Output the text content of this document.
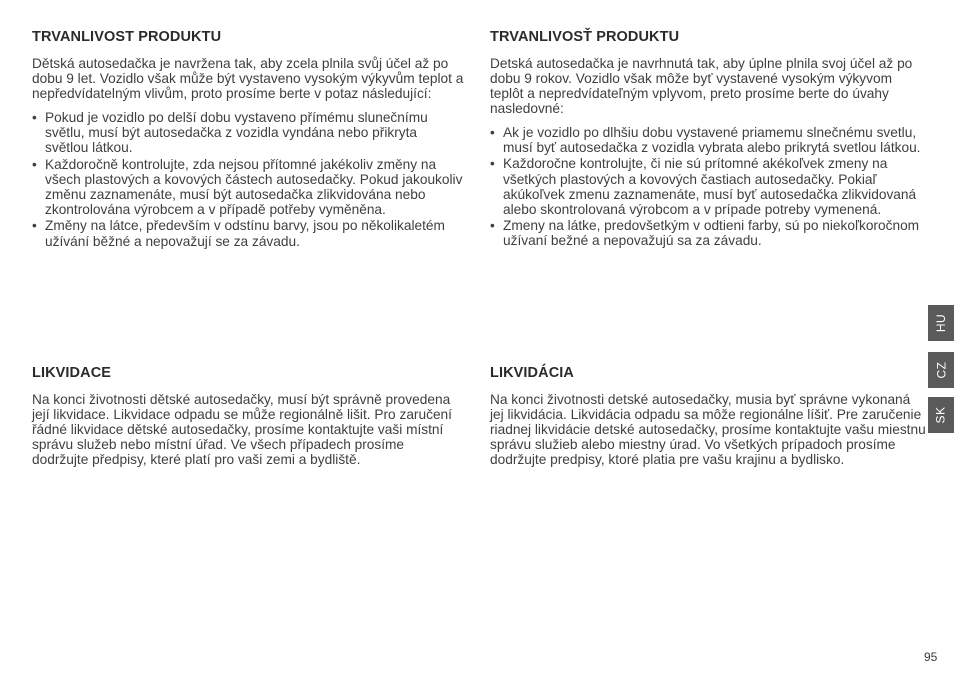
TRVANLIVOST PRODUKTU

Dětská autosedačka je navržena tak, aby zcela plnila svůj účel až po dobu 9 let. Vozidlo však může být vystaveno vysokým výkyvům teplot a nepředvídatelným vlivům, proto prosíme berte v potaz následující:

• Pokud je vozidlo po delší dobu vystaveno přímému slunečnímu světlu, musí být autosedačka z vozidla vyndána nebo přikryta světlou látkou.
• Každoročně kontrolujte, zda nejsou přítomné jakékoliv změny na všech plastových a kovových částech autosedačky. Pokud jakoukoliv změnu zaznamenáte, musí být autosedačka zlikvidována nebo zkontrolována výrobcem a v případě potřeby vyměněna.
• Změny na látce, především v odstínu barvy, jsou po několikaletém užívání běžné a nepovažují se za závadu.
LIKVIDACE

Na konci životnosti dětské autosedačky, musí být správně provedena její likvidace. Likvidace odpadu se může regionálně lišit. Pro zaručení řádné likvidace dětské autosedačky, prosíme kontaktujte vaši místní správu služeb nebo místní úřad. Ve všech případech prosíme dodržujte předpisy, které platí pro vaši zemi a bydliště.

TRVANLIVOSŤ PRODUKTU

Detská autosedačka je navrhnutá tak, aby úplne plnila svoj účel až po dobu 9 rokov. Vozidlo však môže byť vystavené vysokým výkyvom teplôt a nepredvídateľným vplyvom, preto prosíme berte do úvahy nasledovné:

• Ak je vozidlo po dlhšiu dobu vystavené priamemu slnečnému svetlu, musí byť autosedačka z vozidla vybrata alebo prikrytá svetlou látkou.
• Každoročne kontrolujte, či nie sú prítomné akékoľvek zmeny na všetkých plastových a kovových častiach autosedačky. Pokiaľ akúkoľvek zmenu zaznamenáte, musí byť autosedačka zlikvidovaná alebo skontrolovaná výrobcom a v prípade potreby vymenená.
• Zmeny na látke, predovšetkým v odtieni farby, sú po niekoľkoročnom užívaní bežné a nepovažujú sa za závadu.
LIKVIDÁCIA

Na konci životnosti detské autosedačky, musia byť správne vykonaná jej likvidácia. Likvidácia odpadu sa môže regionálne líšiť. Pre zaručenie riadnej likvidácie detské autosedačky, prosíme kontaktujte vašu miestnu správu služieb alebo miestny úrad. Vo všetkých prípadoch prosíme dodržujte predpisy, ktoré platia pre vašu krajinu a bydlisko.

HU
CZ
SK
95
